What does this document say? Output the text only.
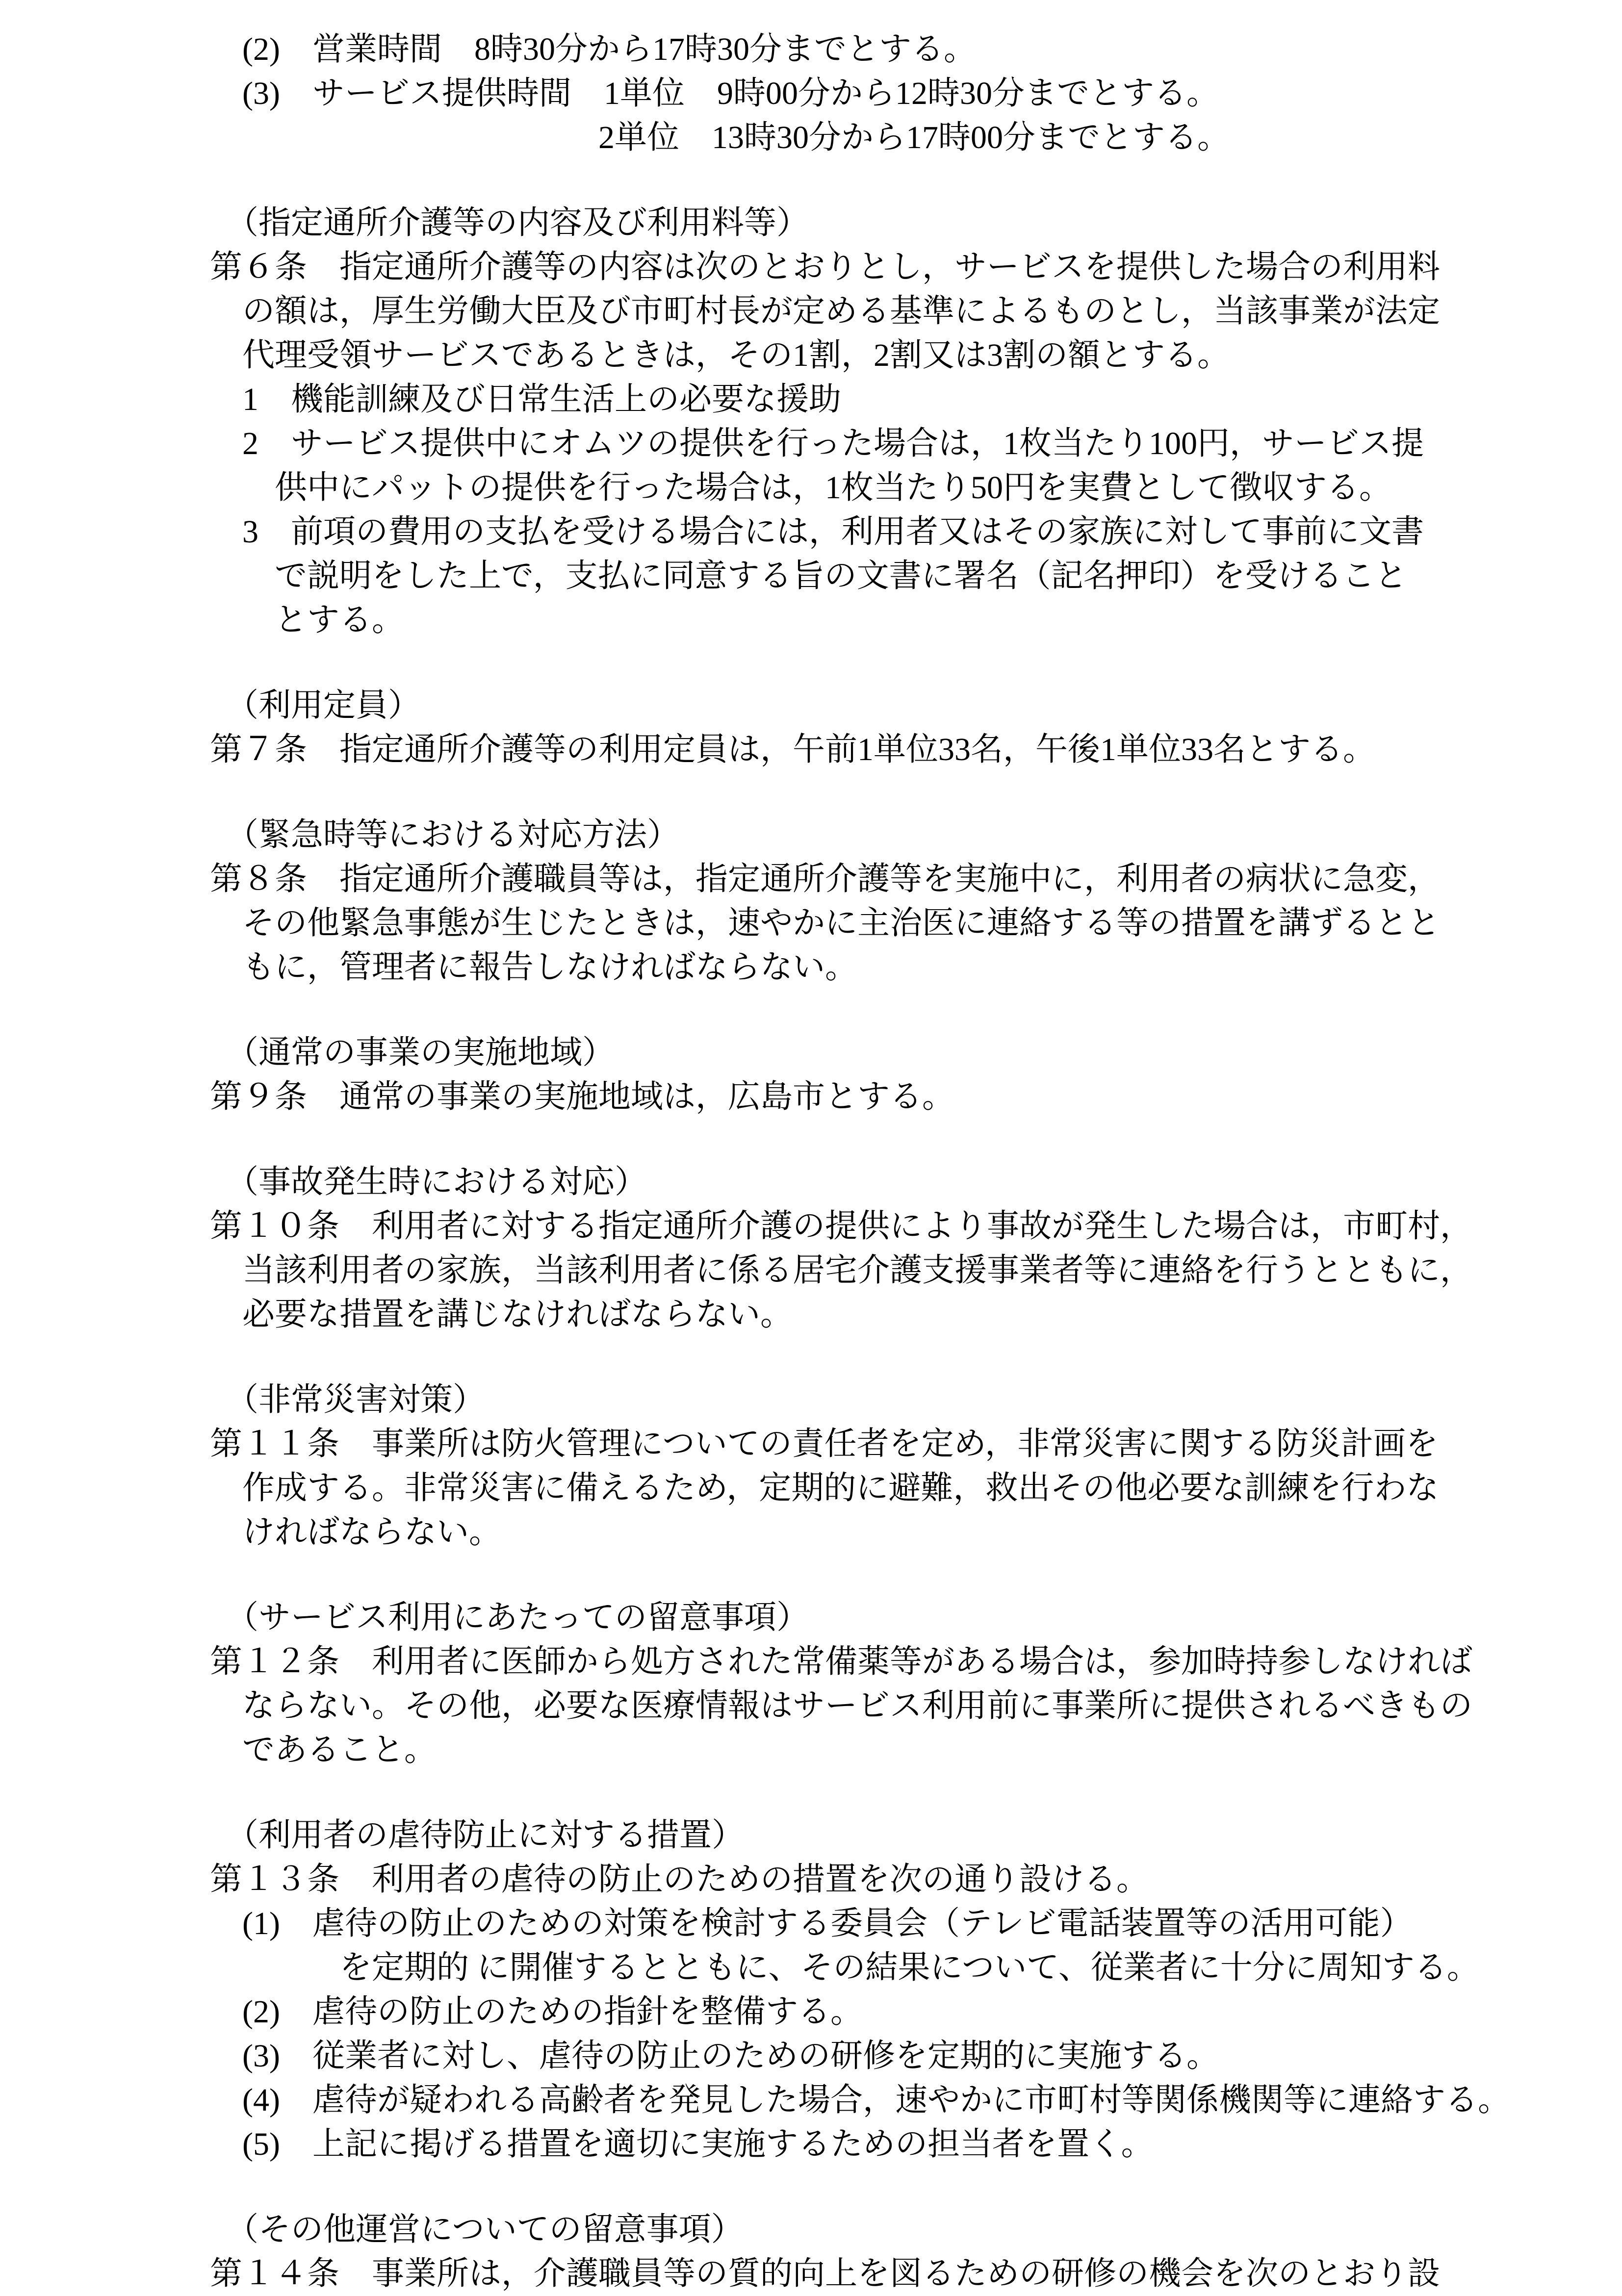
　(2)　営業時間　8時30分から17時30分までとする。
　(3)　サービス提供時間　1単位　9時00分から12時30分までとする。
　　　　　　　　　　　　2単位　13時30分から17時00分までとする。
　（指定通所介護等の内容及び利用料等）
第６条　指定通所介護等の内容は次のとおりとし，サービスを提供した場合の利用料
　の額は，厚生労働大臣及び市町村長が定める基準によるものとし，当該事業が法定
　代理受領サービスであるときは，その1割，2割又は3割の額とする。
　1　機能訓練及び日常生活上の必要な援助
　2　サービス提供中にオムツの提供を行った場合は，1枚当たり100円，サービス提
　　供中にパットの提供を行った場合は，1枚当たり50円を実費として徴収する。
　3　前項の費用の支払を受ける場合には，利用者又はその家族に対して事前に文書
　　で説明をした上で，支払に同意する旨の文書に署名（記名押印）を受けること
　　とする。
　（利用定員）
第７条　指定通所介護等の利用定員は，午前1単位33名，午後1単位33名とする。
　（緊急時等における対応方法）
第８条　指定通所介護職員等は，指定通所介護等を実施中に，利用者の病状に急変，
　その他緊急事態が生じたときは，速やかに主治医に連絡する等の措置を講ずるとと
　もに，管理者に報告しなければならない。
　（通常の事業の実施地域）
第９条　通常の事業の実施地域は，広島市とする。
　（事故発生時における対応）
第１０条　利用者に対する指定通所介護の提供により事故が発生した場合は，市町村，
　当該利用者の家族，当該利用者に係る居宅介護支援事業者等に連絡を行うとともに，
　必要な措置を講じなければならない。
　（非常災害対策）
第１１条　事業所は防火管理についての責任者を定め，非常災害に関する防災計画を
　作成する。非常災害に備えるため，定期的に避難，救出その他必要な訓練を行わな
　ければならない。
　（サービス利用にあたっての留意事項）
第１２条　利用者に医師から処方された常備薬等がある場合は，参加時持参しなければ
　ならない。その他，必要な医療情報はサービス利用前に事業所に提供されるべきもの
　であること。
　（利用者の虐待防止に対する措置）
第１３条　利用者の虐待の防止のための措置を次の通り設ける。
　(1)　虐待の防止のための対策を検討する委員会（テレビ電話装置等の活用可能）
　　　　を定期的 に開催するとともに、その結果について、従業者に十分に周知する。
　(2)　虐待の防止のための指針を整備する。
　(3)　従業者に対し、虐待の防止のための研修を定期的に実施する。
　(4)　虐待が疑われる高齢者を発見した場合，速やかに市町村等関係機関等に連絡する。
　(5)　上記に掲げる措置を適切に実施するための担当者を置く。
　（その他運営についての留意事項）
第１４条　事業所は，介護職員等の質的向上を図るための研修の機会を次のとおり設
